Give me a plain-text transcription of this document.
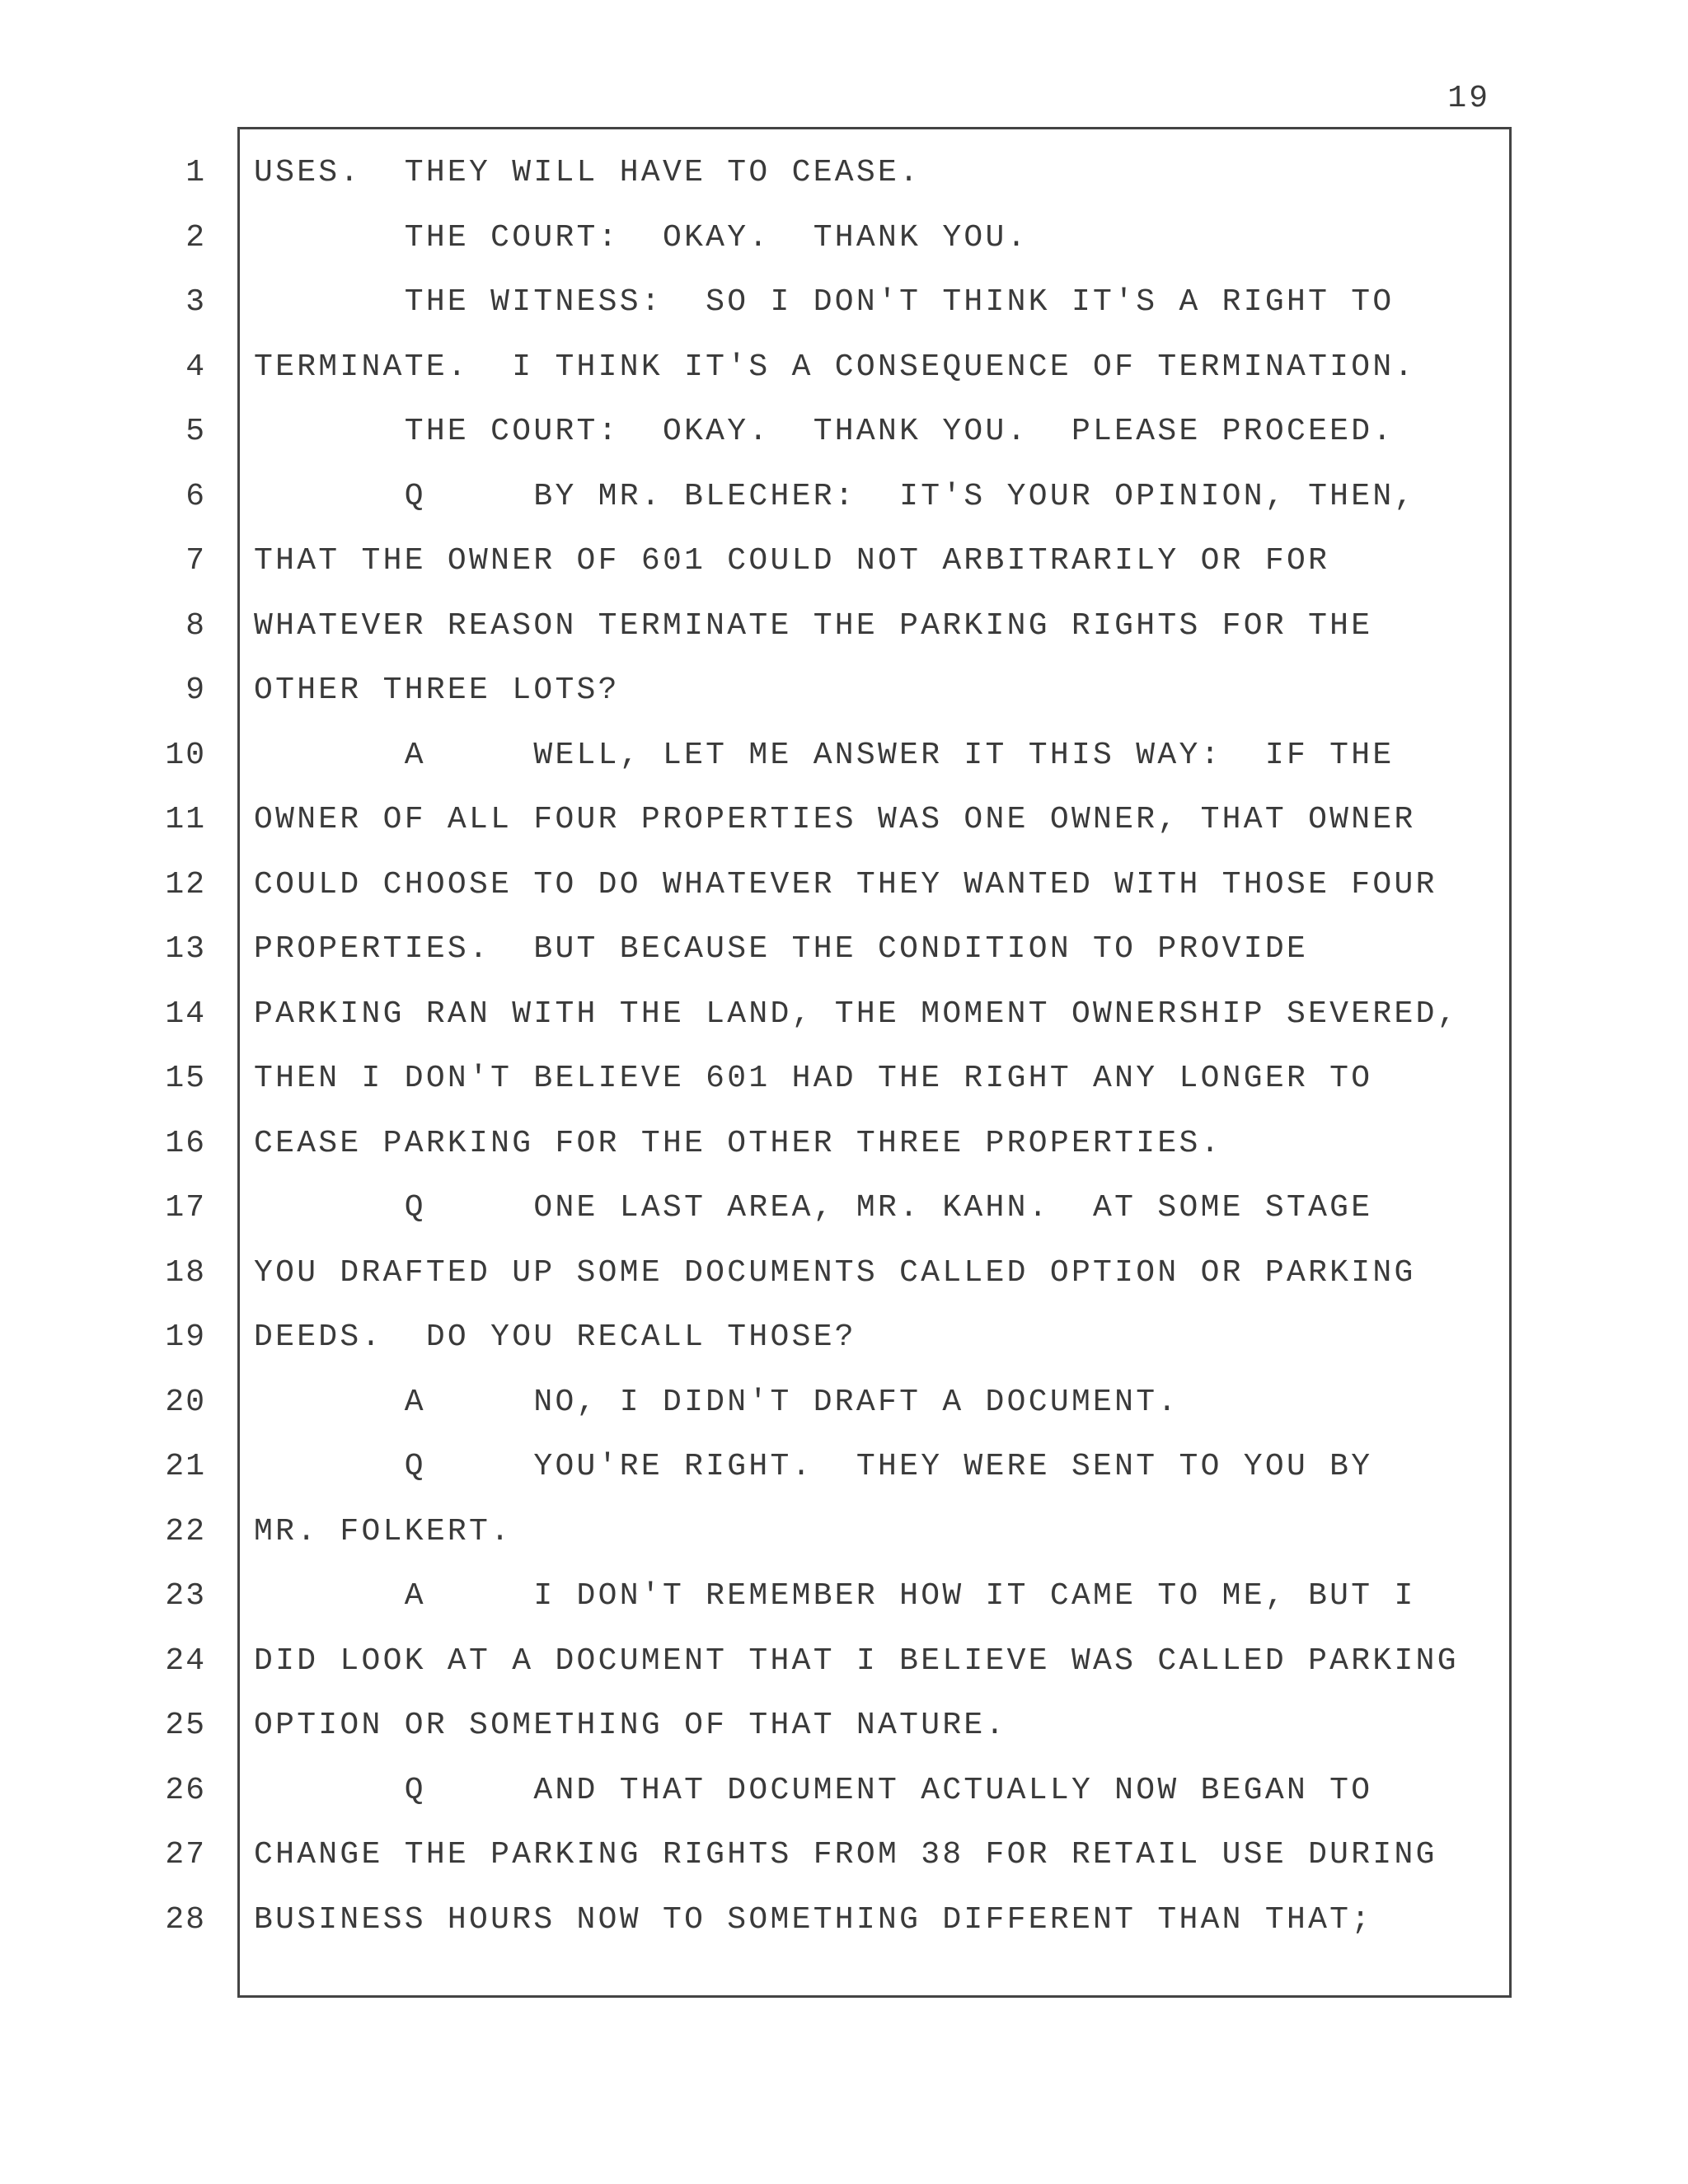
19
1
2
3
4
5
6
7
8
9
10
11
12
13
14
15
16
17
18
19
20
21
22
23
24
25
26
27
28
USES.  THEY WILL HAVE TO CEASE.
THE COURT:  OKAY.  THANK YOU.
THE WITNESS:  SO I DON'T THINK IT'S A RIGHT TO
TERMINATE.  I THINK IT'S A CONSEQUENCE OF TERMINATION.
THE COURT:  OKAY.  THANK YOU.  PLEASE PROCEED.
Q     BY MR. BLECHER:  IT'S YOUR OPINION, THEN,
THAT THE OWNER OF 601 COULD NOT ARBITRARILY OR FOR
WHATEVER REASON TERMINATE THE PARKING RIGHTS FOR THE
OTHER THREE LOTS?
A     WELL, LET ME ANSWER IT THIS WAY:  IF THE
OWNER OF ALL FOUR PROPERTIES WAS ONE OWNER, THAT OWNER
COULD CHOOSE TO DO WHATEVER THEY WANTED WITH THOSE FOUR
PROPERTIES.  BUT BECAUSE THE CONDITION TO PROVIDE
PARKING RAN WITH THE LAND, THE MOMENT OWNERSHIP SEVERED,
THEN I DON'T BELIEVE 601 HAD THE RIGHT ANY LONGER TO
CEASE PARKING FOR THE OTHER THREE PROPERTIES.
Q     ONE LAST AREA, MR. KAHN.  AT SOME STAGE
YOU DRAFTED UP SOME DOCUMENTS CALLED OPTION OR PARKING
DEEDS.  DO YOU RECALL THOSE?
A     NO, I DIDN'T DRAFT A DOCUMENT.
Q     YOU'RE RIGHT.  THEY WERE SENT TO YOU BY
MR. FOLKERT.
A     I DON'T REMEMBER HOW IT CAME TO ME, BUT I
DID LOOK AT A DOCUMENT THAT I BELIEVE WAS CALLED PARKING
OPTION OR SOMETHING OF THAT NATURE.
Q     AND THAT DOCUMENT ACTUALLY NOW BEGAN TO
CHANGE THE PARKING RIGHTS FROM 38 FOR RETAIL USE DURING
BUSINESS HOURS NOW TO SOMETHING DIFFERENT THAN THAT;
